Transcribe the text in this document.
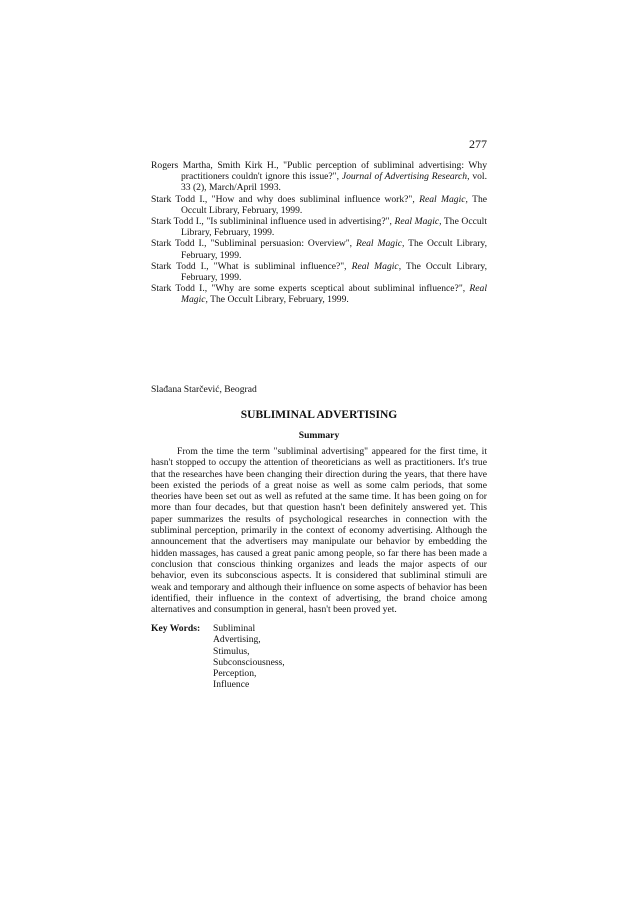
277

Rogers Martha, Smith Kirk H., "Public perception of subliminal advertising: Why practitioners couldn't ignore this issue?", Journal of Advertising Research, vol. 33 (2), March/April 1993.

Stark Todd I., "How and why does subliminal influence work?", Real Magic, The Occult Library, February, 1999.

Stark Todd I., "Is sublimininal influence used in advertising?", Real Magic, The Occult Library, February, 1999.

Stark Todd I., "Subliminal persuasion: Overview", Real Magic, The Occult Library, February, 1999.

Stark Todd I., "What is subliminal influence?", Real Magic, The Occult Library, February, 1999.

Stark Todd I., "Why are some experts sceptical about subliminal influence?", Real Magic, The Occult Library, February, 1999.

Slađana Starčević, Beograd
SUBLIMINAL ADVERTISING
Summary

From the time the term "subliminal advertising" appeared for the first time, it hasn't stopped to occupy the attention of theoreticians as well as practitioners. It's true that the researches have been changing their direction during the years, that there have been existed the periods of a great noise as well as some calm periods, that some theories have been set out as well as refuted at the same time. It has been going on for more than four decades, but that question hasn't been definitely answered yet. This paper summarizes the results of psychological researches in connection with the subliminal perception, primarily in the context of economy advertising. Although the announcement that the advertisers may manipulate our behavior by embedding the hidden massages, has caused a great panic among people, so far there has been made a conclusion that conscious thinking organizes and leads the major aspects of our behavior, even its subconscious aspects. It is considered that subliminal stimuli are weak and temporary and although their influence on some aspects of behavior has been identified, their influence in the context of advertising, the brand choice among alternatives and consumption in general, hasn't been proved yet.

Key Words:	Subliminal Advertising, Stimulus, Subconsciousness, Perception, Influence
